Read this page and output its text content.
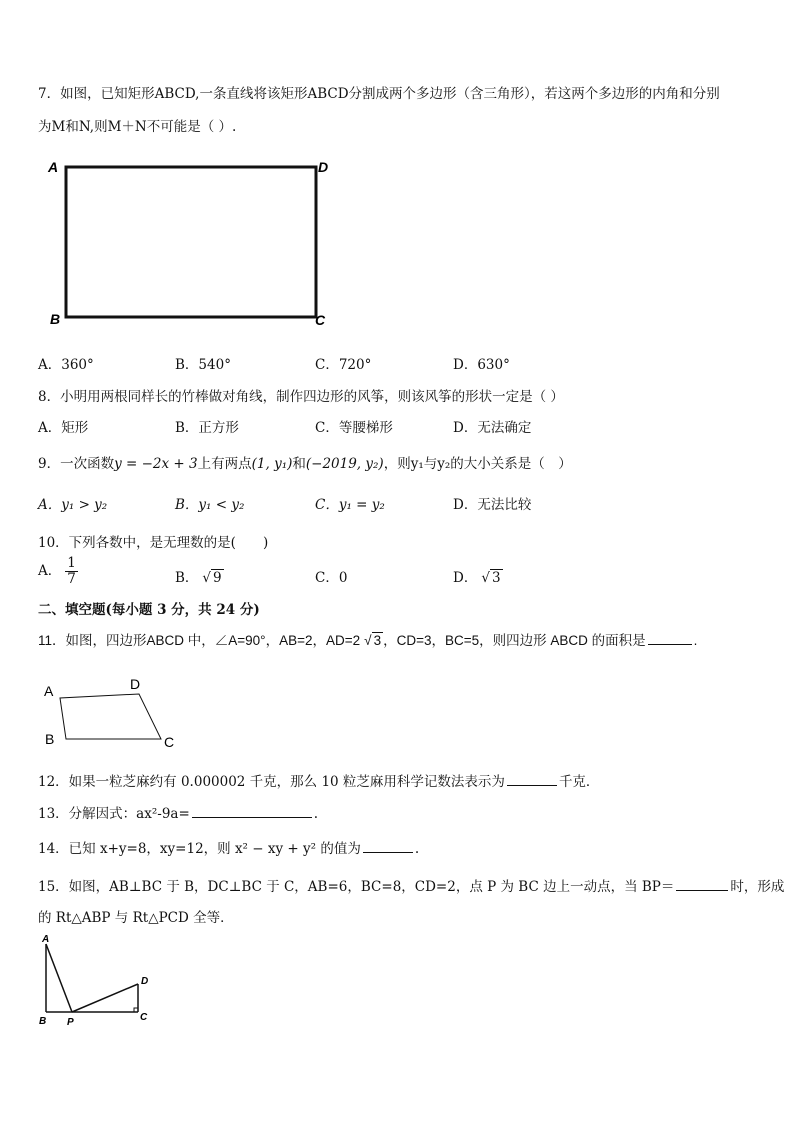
7．如图，已知矩形ABCD,一条直线将该矩形ABCD分割成两个多边形（含三角形），若这两个多边形的内角和分别
为M和N,则M＋N不可能是（ ）.
A	D
B	C
A．360°	B．540°	C．720°	D．630°
8．小明用两根同样长的竹棒做对角线，制作四边形的风筝，则该风筝的形状一定是（ ）
A．矩形	B．正方形	C．等腰梯形	D．无法确定
9．一次函数y = −2x + 3上有两点(1, y₁)和(−2019, y₂)，则y₁与y₂的大小关系是（　）
A．y₁ > y₂	B．y₁ < y₂	C．y₁ = y₂	D．无法比较
10．下列各数中，是无理数的是(　　)
A． $\frac{1}{7}$	B． √ 9	C．0	D． √ 3
二、填空题(每小题 3 分，共 24 分)
11．如图，四边形ABCD 中，∠A=90°，AB=2，AD=2 √ 3 ，CD=3，BC=5，则四边形 ABCD 的面积是	.
A	D
B	C
12．如果一粒芝麻约有 0.000002 千克，那么 10 粒芝麻用科学记数法表示为	千克．
13．分解因式：ax²-9a=	.
14．已知 x+y=8，xy=12，则 x² − xy + y² 的值为	.
15．如图，AB⊥BC 于 B，DC⊥BC 于 C，AB=6，BC=8，CD=2，点 P 为 BC 边上一动点，当 BP＝	时，形成
的 Rt△ABP 与 Rt△PCD 全等．
A
B P	C
D
